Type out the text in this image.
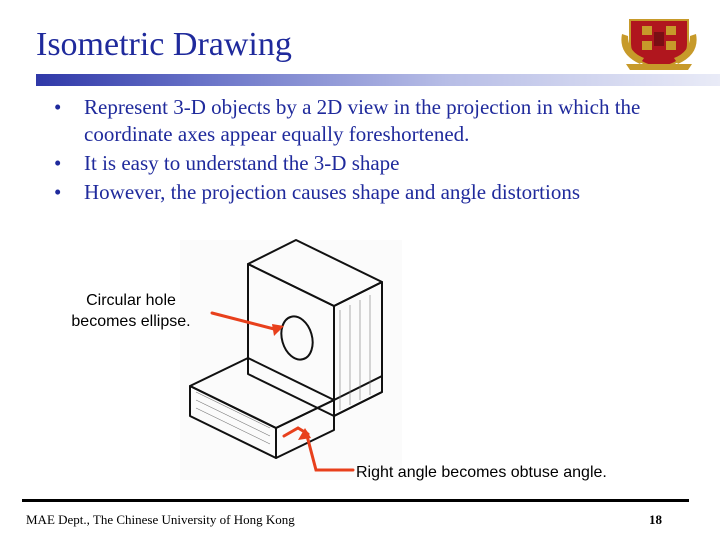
Isometric Drawing
• Represent 3-D objects by a 2D view in the projection in which the coordinate axes appear equally foreshortened.
• It is easy to understand the 3-D shape
• However, the projection causes shape and angle distortions
Circular hole
becomes ellipse.
Right angle becomes obtuse angle.
MAE Dept., The Chinese University of Hong Kong	18
